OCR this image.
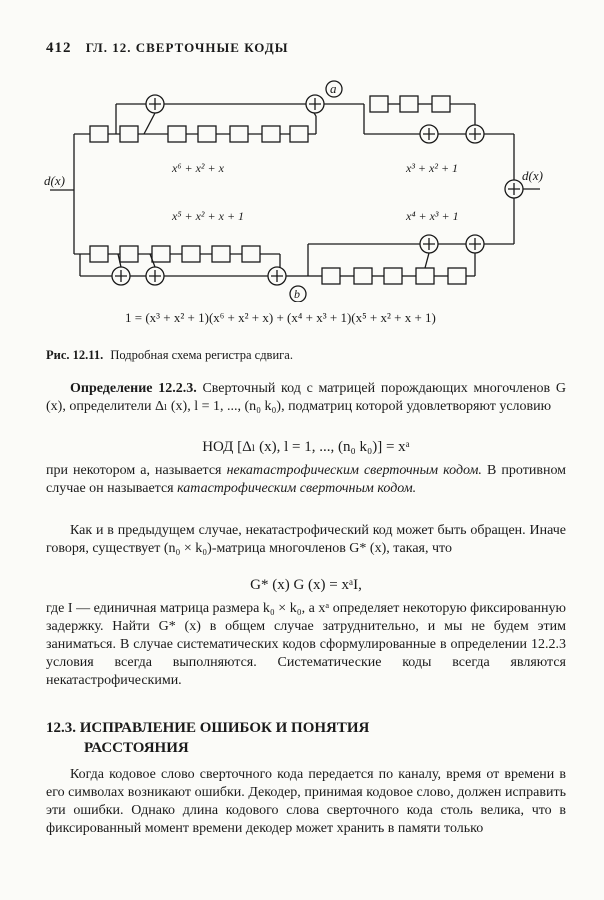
412 ГЛ. 12. СВЕРТОЧНЫЕ КОДЫ
d(x)
a
x⁶ + x² + x	x³ + x² + 1	d(x)
b
x⁵ + x² + x + 1	x⁴ + x³ + 1
1 = (x³ + x² + 1)(x⁶ + x² + x) + (x⁴ + x³ + 1)(x⁵ + x² + x + 1)
Рис. 12.11. Подробная схема регистра сдвига.
Определение 12.2.3. Сверточный код с матрицей порождающих многочленов G (x), определители Δₗ (x), l = 1, ..., (n₀ k₀), подматриц которой удовлетворяют условию
НОД [Δₗ (x), l = 1, ..., (n₀ k₀)] = xᵃ
при некотором a, называется некатастрофическим сверточным кодом. В противном случае он называется катастрофическим сверточным кодом.
Как и в предыдущем случае, некатастрофический код может быть обращен. Иначе говоря, существует (n₀ × k₀)-матрица многочленов G* (x), такая, что
G* (x) G (x) = xᵃI,
где I — единичная матрица размера k₀ × k₀, а xᵃ определяет некоторую фиксированную задержку. Найти G* (x) в общем случае затруднительно, и мы не будем этим заниматься. В случае систематических кодов сформулированные в определении 12.2.3 условия всегда выполняются. Систематические коды всегда являются некатастрофическими.
12.3. ИСПРАВЛЕНИЕ ОШИБОК И ПОНЯТИЯ
РАССТОЯНИЯ
Когда кодовое слово сверточного кода передается по каналу, время от времени в его символах возникают ошибки. Декодер, принимая кодовое слово, должен исправить эти ошибки. Однако длина кодового слова сверточного кода столь велика, что в фиксированный момент времени декодер может хранить в памяти только
